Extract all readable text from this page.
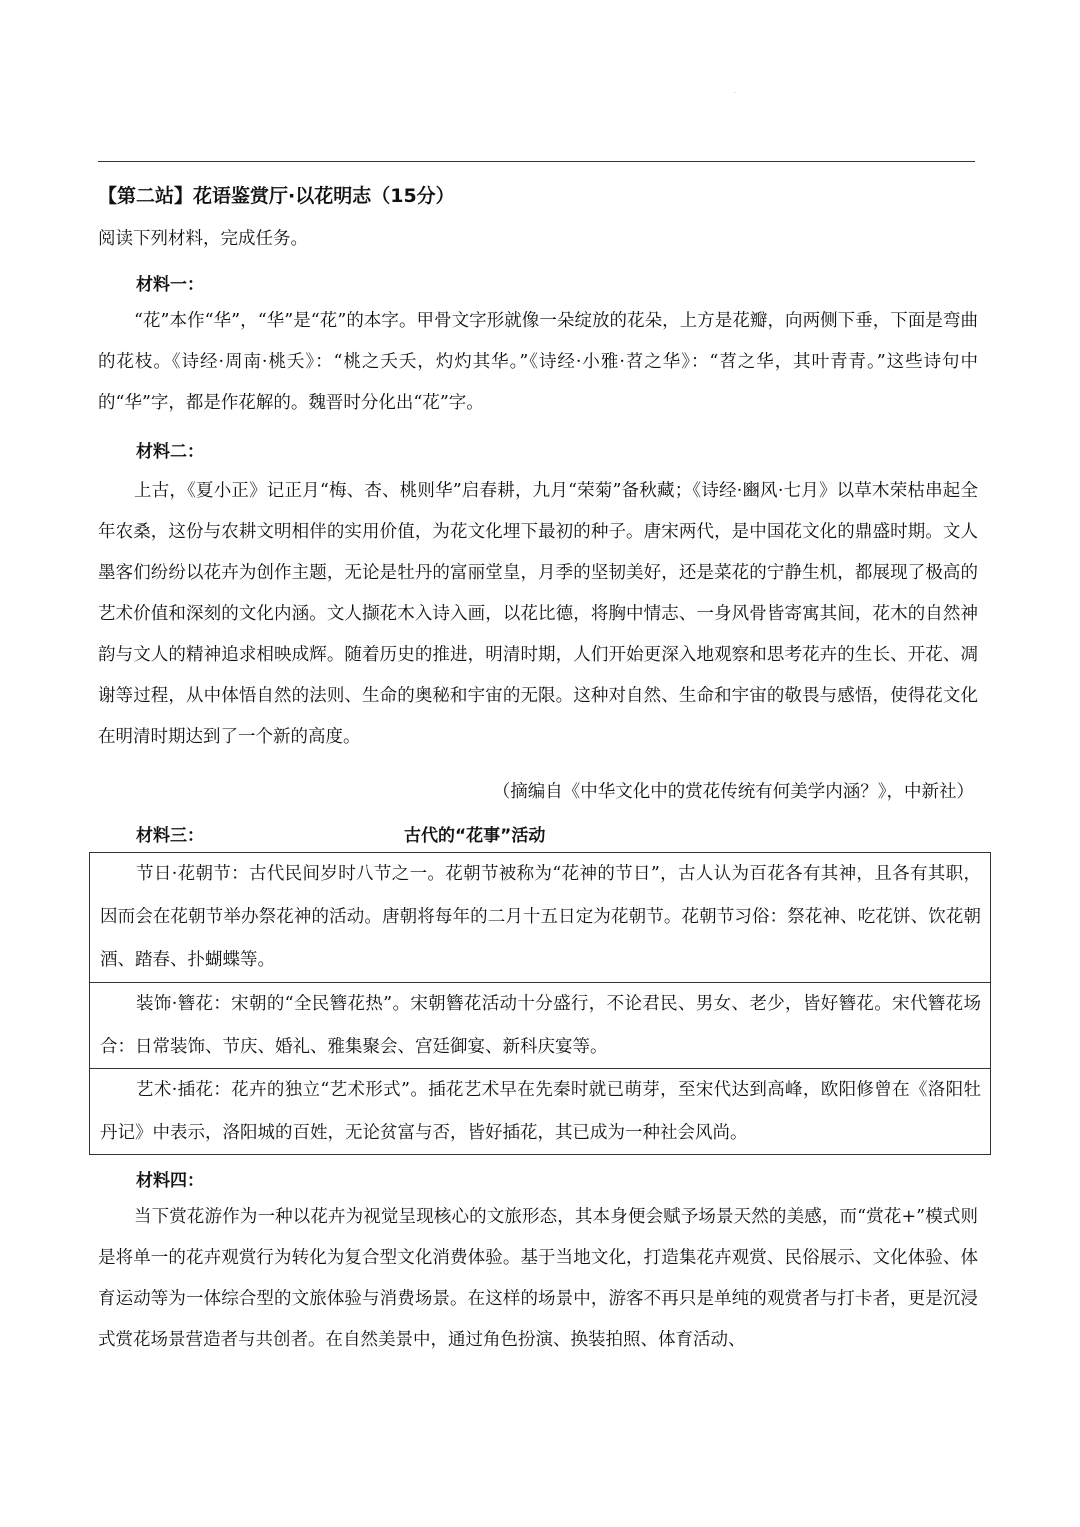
·
【第二站】花语鉴赏厅·以花明志（15分）
阅读下列材料，完成任务。
材料一：

“花”本作“华”，“华”是“花”的本字。甲骨文字形就像一朵绽放的花朵，上方是花瓣，向两侧下垂，下面是弯曲的花枝。《诗经·周南·桃夭》：“桃之夭夭，灼灼其华。”《诗经·小雅·苕之华》：“苕之华，其叶青青。”这些诗句中的“华”字，都是作花解的。魏晋时分化出“花”字。

材料二：

上古，《夏小正》记正月“梅、杏、桃则华”启春耕，九月“荣菊”备秋藏；《诗经·豳风·七月》以草木荣枯串起全年农桑，这份与农耕文明相伴的实用价值，为花文化埋下最初的种子。唐宋两代，是中国花文化的鼎盛时期。文人墨客们纷纷以花卉为创作主题，无论是牡丹的富丽堂皇，月季的坚韧美好，还是菜花的宁静生机，都展现了极高的艺术价值和深刻的文化内涵。文人撷花木入诗入画，以花比德，将胸中情志、一身风骨皆寄寓其间，花木的自然神韵与文人的精神追求相映成辉。随着历史的推进，明清时期，人们开始更深入地观察和思考花卉的生长、开花、凋谢等过程，从中体悟自然的法则、生命的奥秘和宇宙的无限。这种对自然、生命和宇宙的敬畏与感悟，使得花文化在明清时期达到了一个新的高度。

（摘编自《中华文化中的赏花传统有何美学内涵？》，中新社）
材料三：	古代的“花事”活动

节日·花朝节：古代民间岁时八节之一。花朝节被称为“花神的节日”，古人认为百花各有其神，且各有其职，因而会在花朝节举办祭花神的活动。唐朝将每年的二月十五日定为花朝节。花朝节习俗：祭花神、吃花饼、饮花朝酒、踏春、扑蝴蝶等。

装饰·簪花：宋朝的“全民簪花热”。宋朝簪花活动十分盛行，不论君民、男女、老少，皆好簪花。宋代簪花场合：日常装饰、节庆、婚礼、雅集聚会、宫廷御宴、新科庆宴等。

艺术·插花：花卉的独立“艺术形式”。插花艺术早在先秦时就已萌芽，至宋代达到高峰，欧阳修曾在《洛阳牡丹记》中表示，洛阳城的百姓，无论贫富与否，皆好插花，其已成为一种社会风尚。

材料四：

当下赏花游作为一种以花卉为视觉呈现核心的文旅形态，其本身便会赋予场景天然的美感，而“赏花+”模式则是将单一的花卉观赏行为转化为复合型文化消费体验。基于当地文化，打造集花卉观赏、民俗展示、文化体验、体育运动等为一体综合型的文旅体验与消费场景。在这样的场景中，游客不再只是单纯的观赏者与打卡者，更是沉浸式赏花场景营造者与共创者。在自然美景中，通过角色扮演、换装拍照、体育活动、
